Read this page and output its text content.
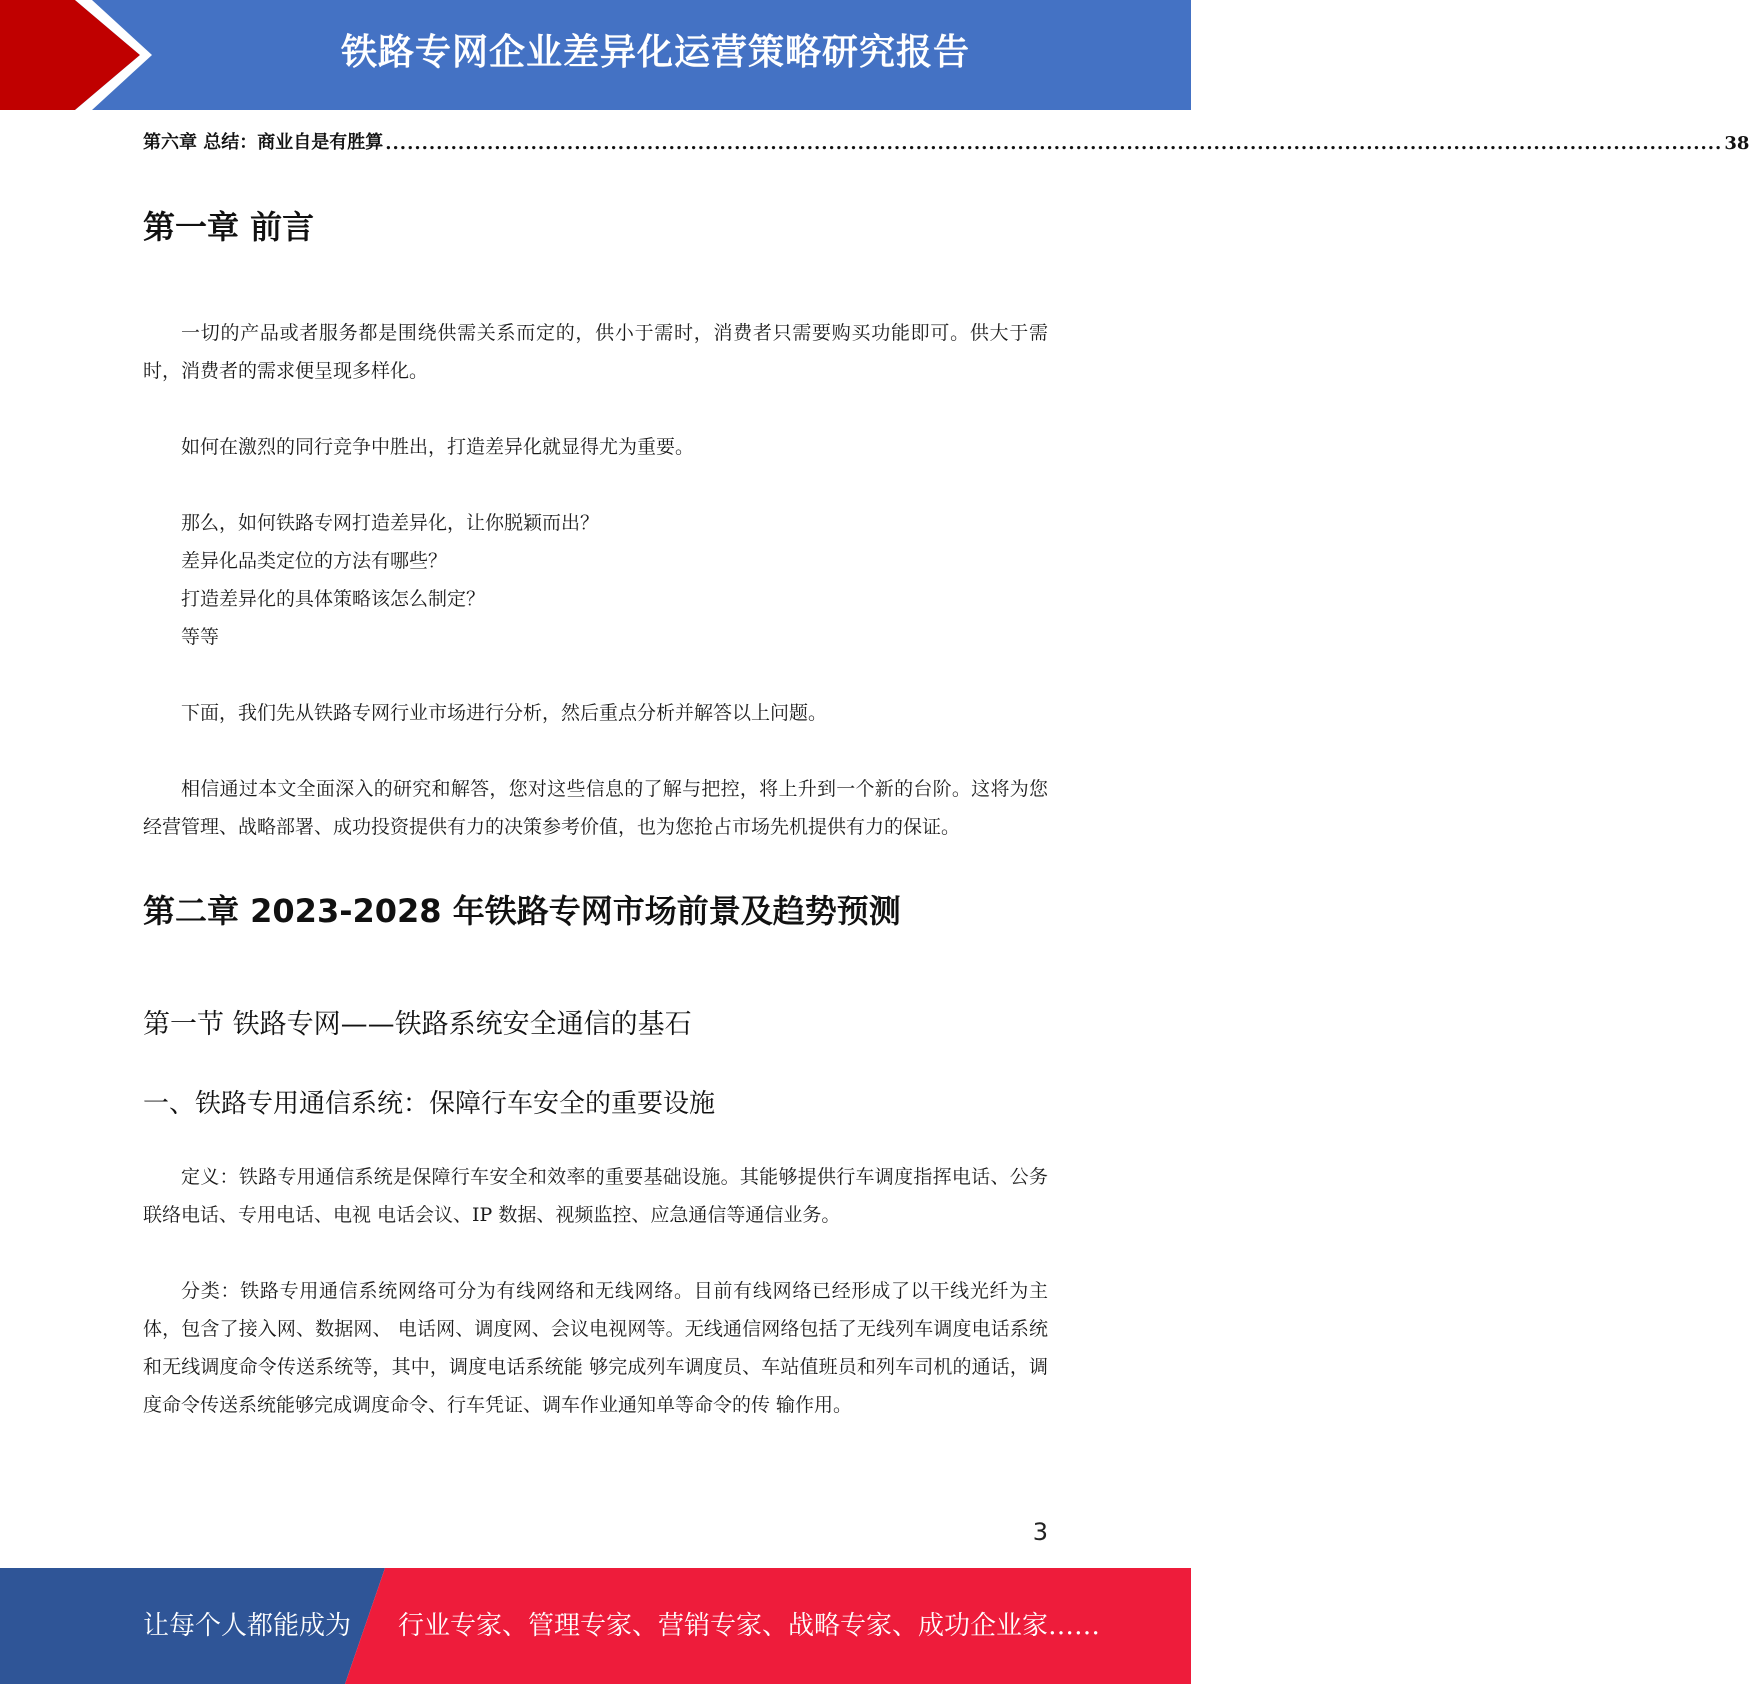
铁路专网企业差异化运营策略研究报告
第六章 总结：商业自是有胜算 ........................................................................................................................................................................................ 38
第一章 前言

一切的产品或者服务都是围绕供需关系而定的，供小于需时，消费者只需要购买功能即可。供大于需时，消费者的需求便呈现多样化。

如何在激烈的同行竞争中胜出，打造差异化就显得尤为重要。

那么，如何铁路专网打造差异化，让你脱颖而出？

差异化品类定位的方法有哪些？

打造差异化的具体策略该怎么制定？

等等

下面，我们先从铁路专网行业市场进行分析，然后重点分析并解答以上问题。

相信通过本文全面深入的研究和解答，您对这些信息的了解与把控，将上升到一个新的台阶。这将为您经营管理、战略部署、成功投资提供有力的决策参考价值，也为您抢占市场先机提供有力的保证。

第二章 2023-2028 年铁路专网市场前景及趋势预测
第一节 铁路专网——铁路系统安全通信的基石
一、铁路专用通信系统：保障行车安全的重要设施

定义：铁路专用通信系统是保障行车安全和效率的重要基础设施。其能够提供行车调度指挥电话、公务联络电话、专用电话、电视 电话会议、IP 数据、视频监控、应急通信等通信业务。

分类：铁路专用通信系统网络可分为有线网络和无线网络。目前有线网络已经形成了以干线光纤为主体，包含了接入网、数据网、 电话网、调度网、会议电视网等。无线通信网络包括了无线列车调度电话系统和无线调度命令传送系统等，其中，调度电话系统能 够完成列车调度员、车站值班员和列车司机的通话，调度命令传送系统能够完成调度命令、行车凭证、调车作业通知单等命令的传 输作用。

3
让每个人都能成为 行业专家、管理专家、营销专家、战略专家、成功企业家……
